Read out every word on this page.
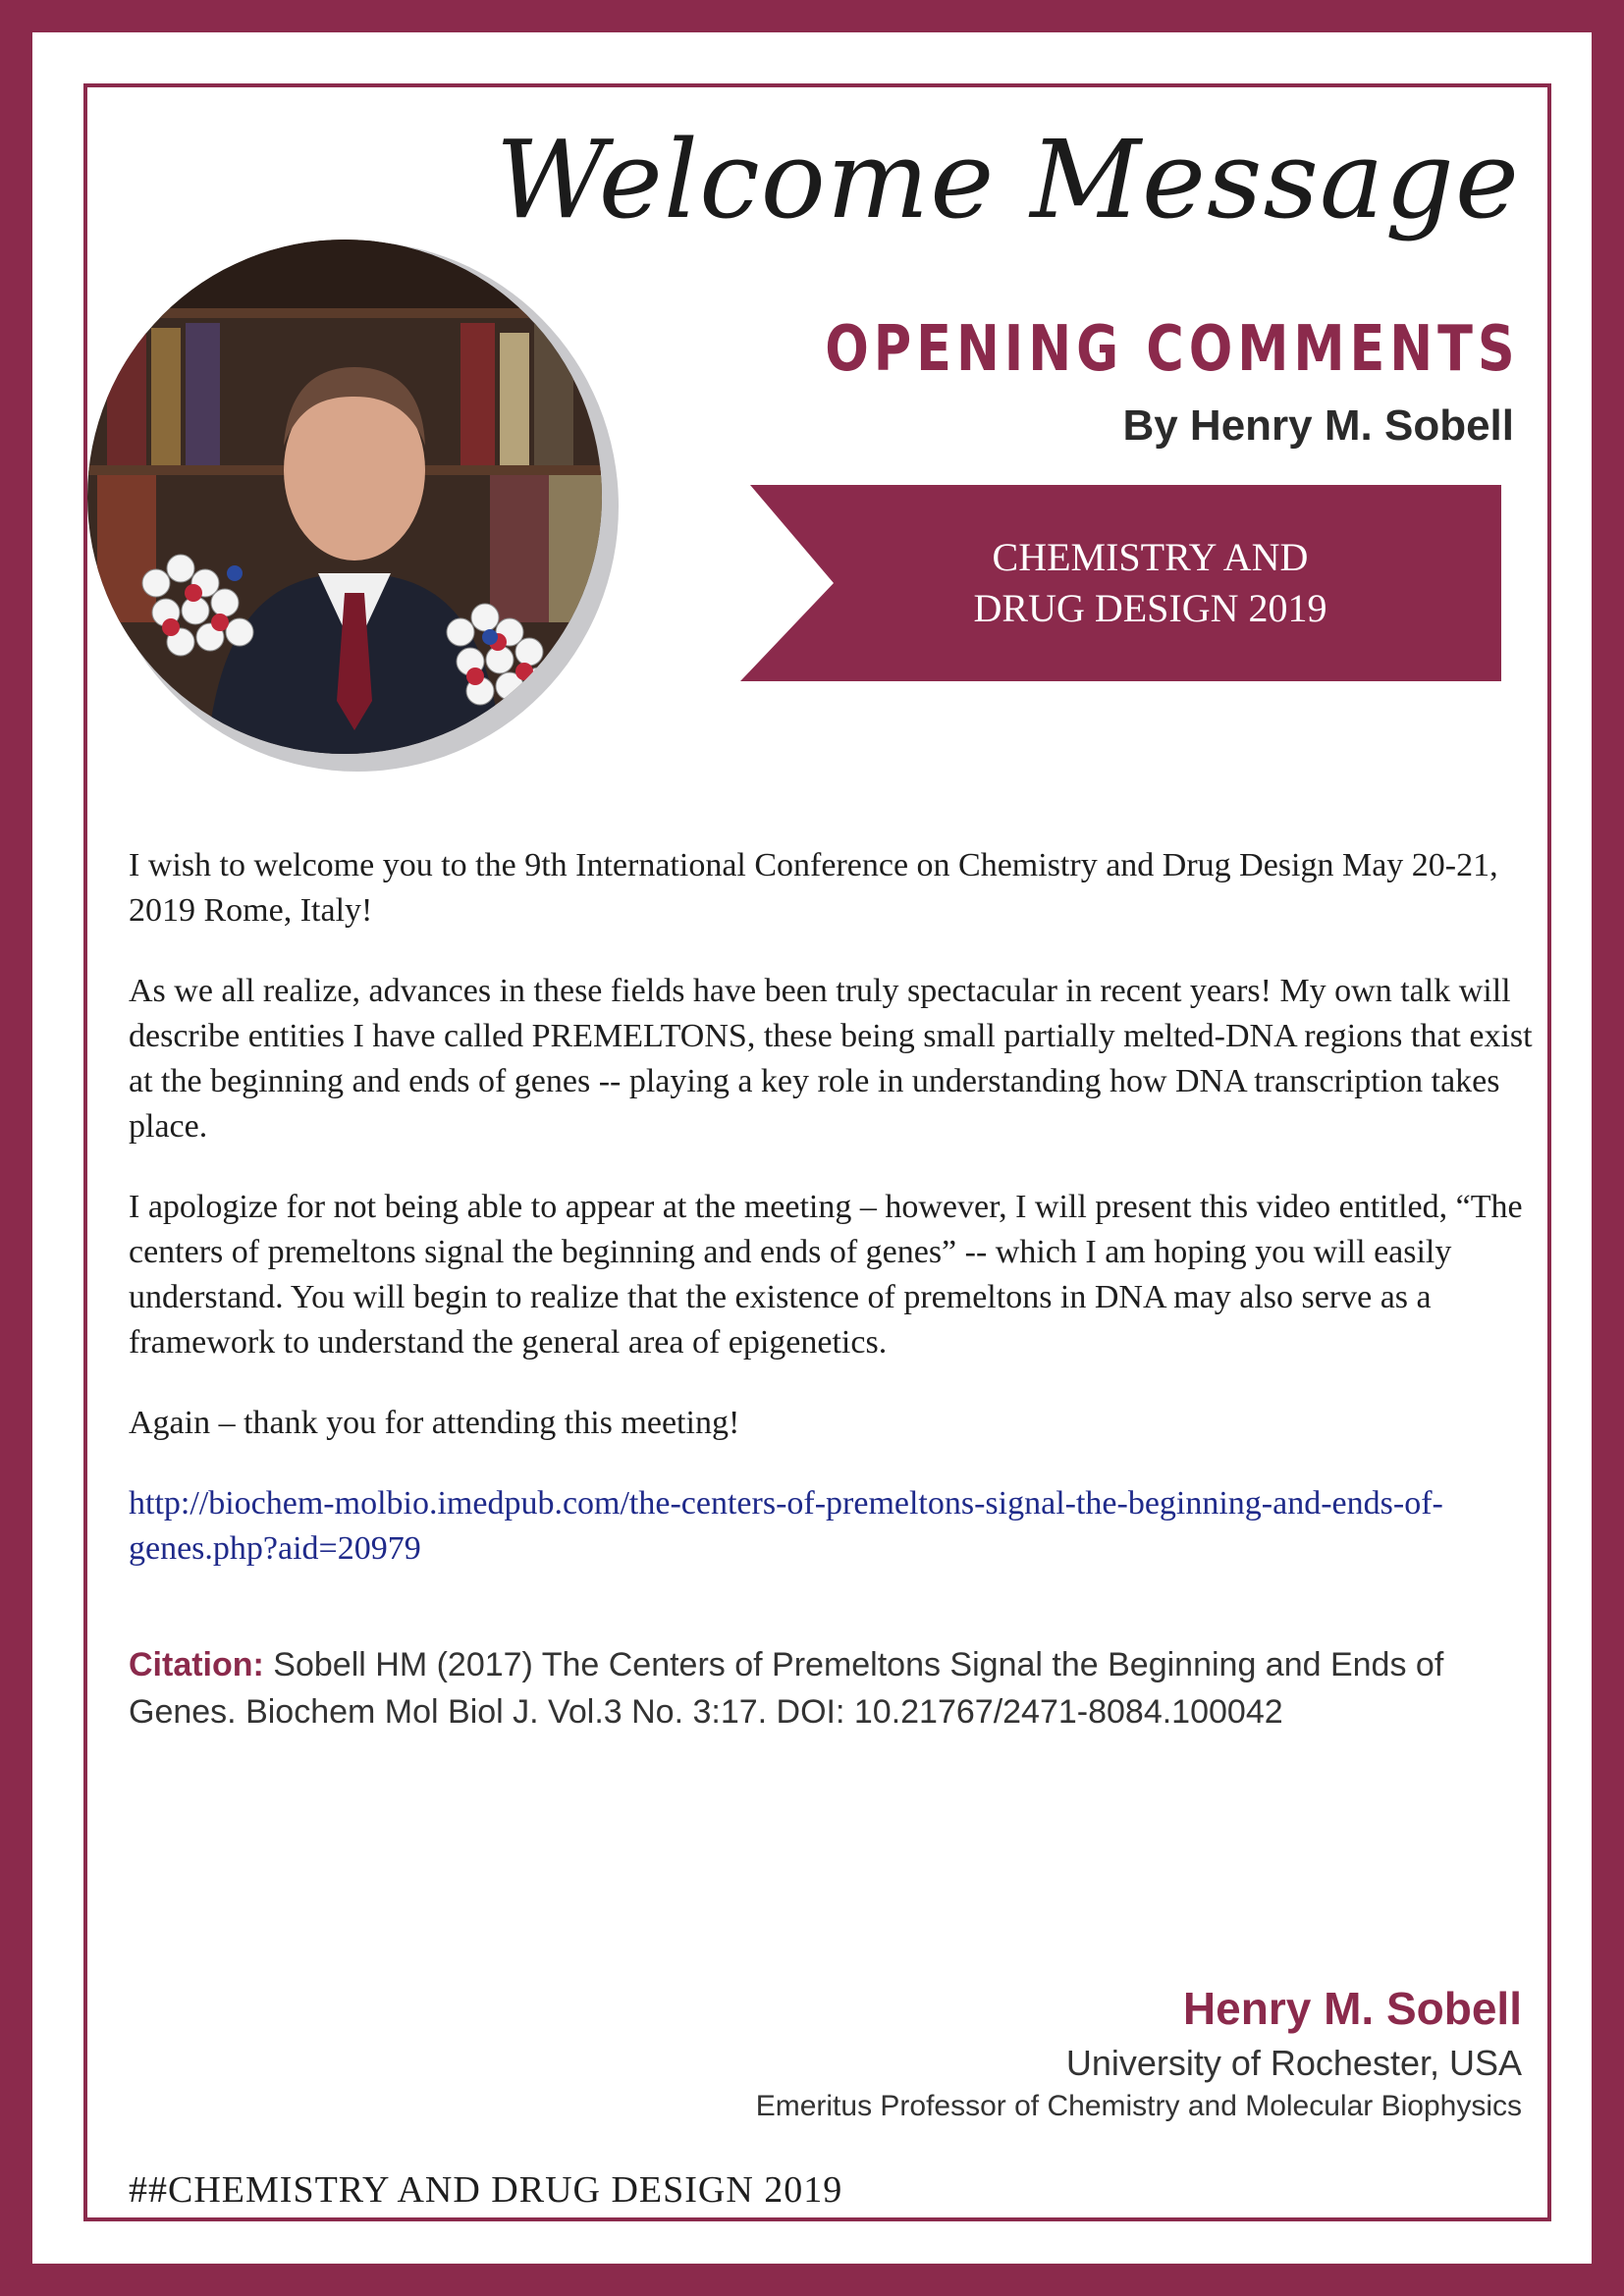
Welcome Message
OPENING COMMENTS
By Henry M. Sobell
CHEMISTRY AND
DRUG DESIGN 2019

I wish to welcome you to the 9th International Conference on Chemistry and Drug Design May 20-21, 2019 Rome, Italy!

As we all realize, advances in these fields have been truly spectacular in recent years! My own talk will describe entities I have called PREMELTONS, these being small partially melted-DNA regions that exist at the beginning and ends of genes -- playing a key role in understanding how DNA transcription takes place.

I apologize for not being able to appear at the meeting – however, I will present this video entitled, “The centers of premeltons signal the beginning and ends of genes” -- which I am hoping you will easily understand. You will begin to realize that the existence of premeltons in DNA may also serve as a framework to understand the general area of epigenetics.

Again – thank you for attending this meeting!

http://biochem-molbio.imedpub.com/the-centers-of-premeltons-signal-the-beginning-and-ends-of-genes.php?aid=20979

Citation: Sobell HM (2017) The Centers of Premeltons Signal the Beginning and Ends of Genes. Biochem Mol Biol J. Vol.3 No. 3:17. DOI: 10.21767/2471-8084.100042
Henry M. Sobell
University of Rochester, USA
Emeritus Professor of Chemistry and Molecular Biophysics
##CHEMISTRY AND DRUG DESIGN 2019
